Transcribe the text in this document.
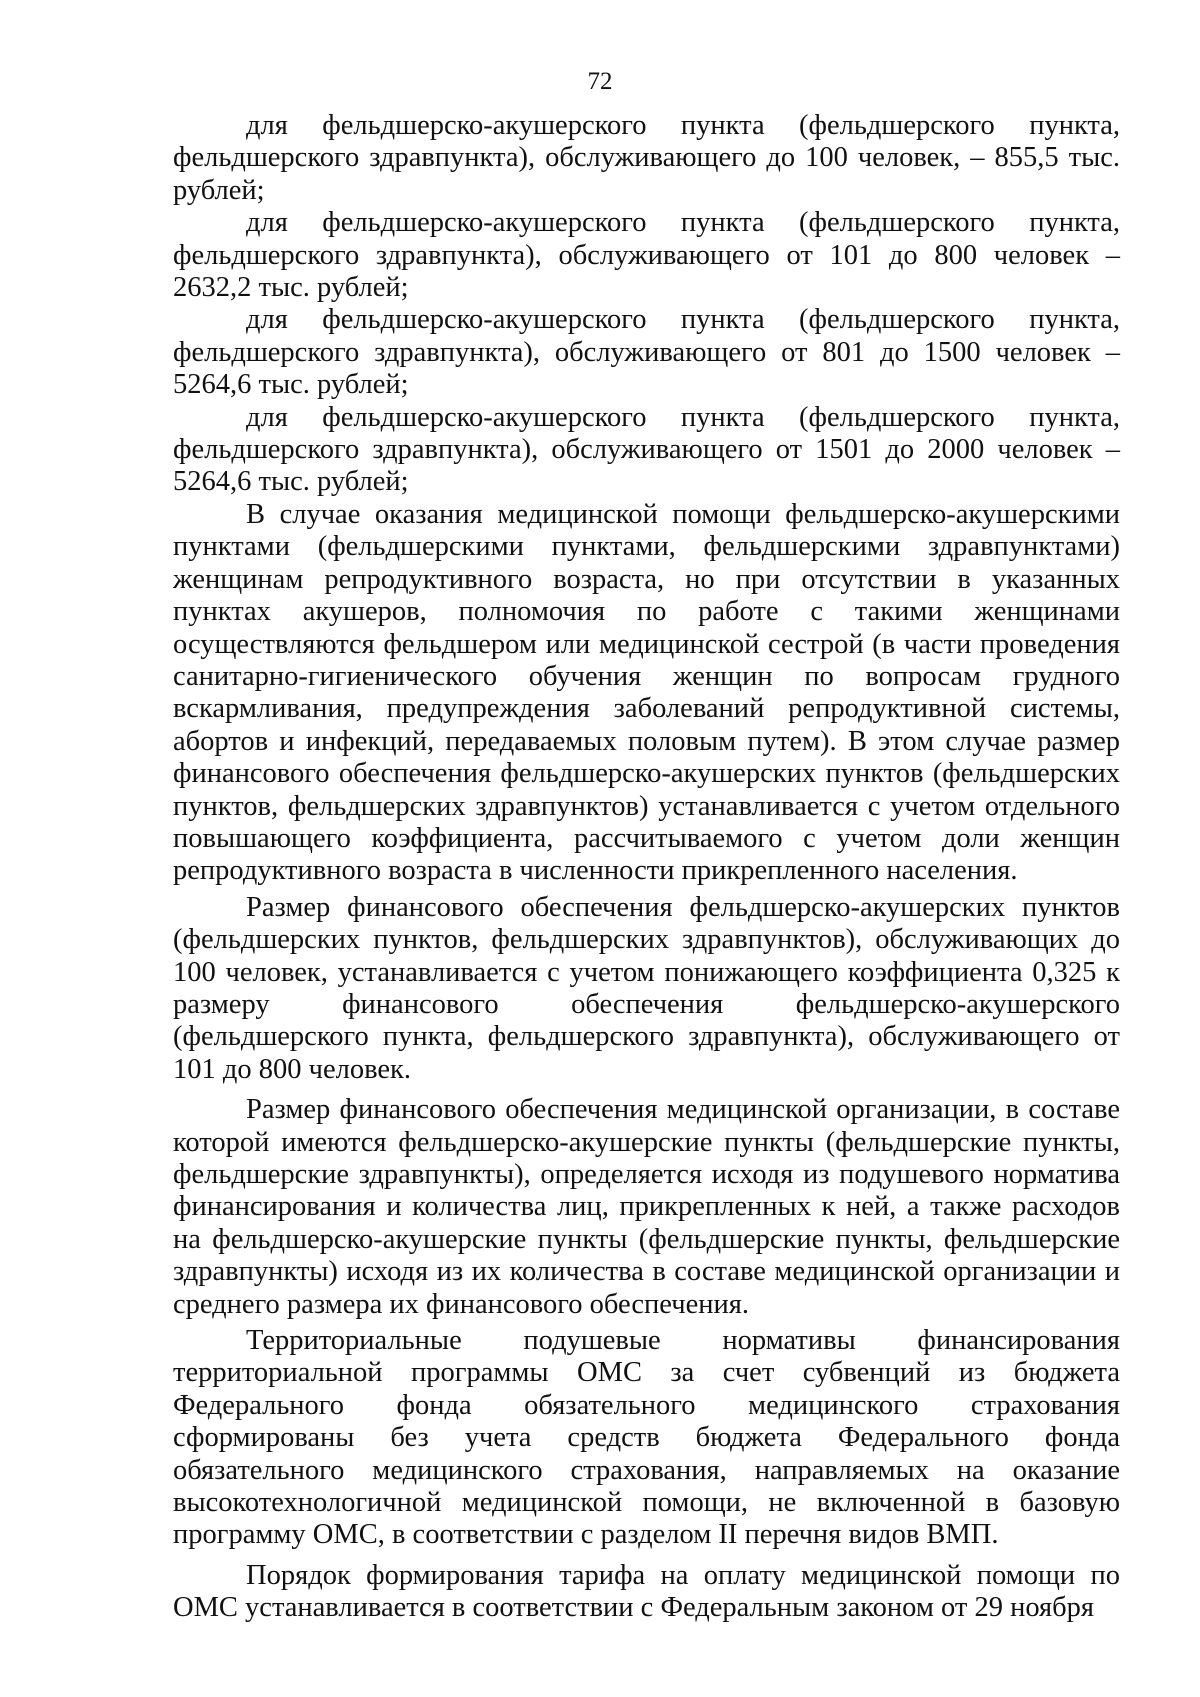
72

для фельдшерско-акушерского пункта (фельдшерского пункта, фельдшерского здравпункта), обслуживающего до 100 человек, – 855,5 тыс. рублей;

для фельдшерско-акушерского пункта (фельдшерского пункта, фельдшерского здравпункта), обслуживающего от 101 до 800 человек – 2632,2 тыс. рублей;

для фельдшерско-акушерского пункта (фельдшерского пункта, фельдшерского здравпункта), обслуживающего от 801 до 1500 человек – 5264,6 тыс. рублей;

для фельдшерско-акушерского пункта (фельдшерского пункта, фельдшерского здравпункта), обслуживающего от 1501 до 2000 человек – 5264,6 тыс. рублей;

В случае оказания медицинской помощи фельдшерско-акушерскими пунктами (фельдшерскими пунктами, фельдшерскими здравпунктами) женщинам репродуктивного возраста, но при отсутствии в указанных пунктах акушеров, полномочия по работе с такими женщинами осуществляются фельдшером или медицинской сестрой (в части проведения санитарно-гигиенического обучения женщин по вопросам грудного вскармливания, предупреждения заболеваний репродуктивной системы, абортов и инфекций, передаваемых половым путем). В этом случае размер финансового обеспечения фельдшерско-акушерских пунктов (фельдшерских пунктов, фельдшерских здравпунктов) устанавливается с учетом отдельного повышающего коэффициента, рассчитываемого с учетом доли женщин репродуктивного возраста в численности прикрепленного населения.

Размер финансового обеспечения фельдшерско-акушерских пунктов (фельдшерских пунктов, фельдшерских здравпунктов), обслуживающих до 100 человек, устанавливается с учетом понижающего коэффициента 0,325 к размеру финансового обеспечения фельдшерско-акушерского (фельдшерского пункта, фельдшерского здравпункта), обслуживающего от 101 до 800 человек.

Размер финансового обеспечения медицинской организации, в составе которой имеются фельдшерско-акушерские пункты (фельдшерские пункты, фельдшерские здравпункты), определяется исходя из подушевого норматива финансирования и количества лиц, прикрепленных к ней, а также расходов на фельдшерско-акушерские пункты (фельдшерские пункты, фельдшерские здравпункты) исходя из их количества в составе медицинской организации и среднего размера их финансового обеспечения.

Территориальные подушевые нормативы финансирования территориальной программы ОМС за счет субвенций из бюджета Федерального фонда обязательного медицинского страхования сформированы без учета средств бюджета Федерального фонда обязательного медицинского страхования, направляемых на оказание высокотехнологичной медицинской помощи, не включенной в базовую программу ОМС, в соответствии с разделом II перечня видов ВМП.

Порядок формирования тарифа на оплату медицинской помощи по ОМС устанавливается в соответствии с Федеральным законом от 29 ноября
